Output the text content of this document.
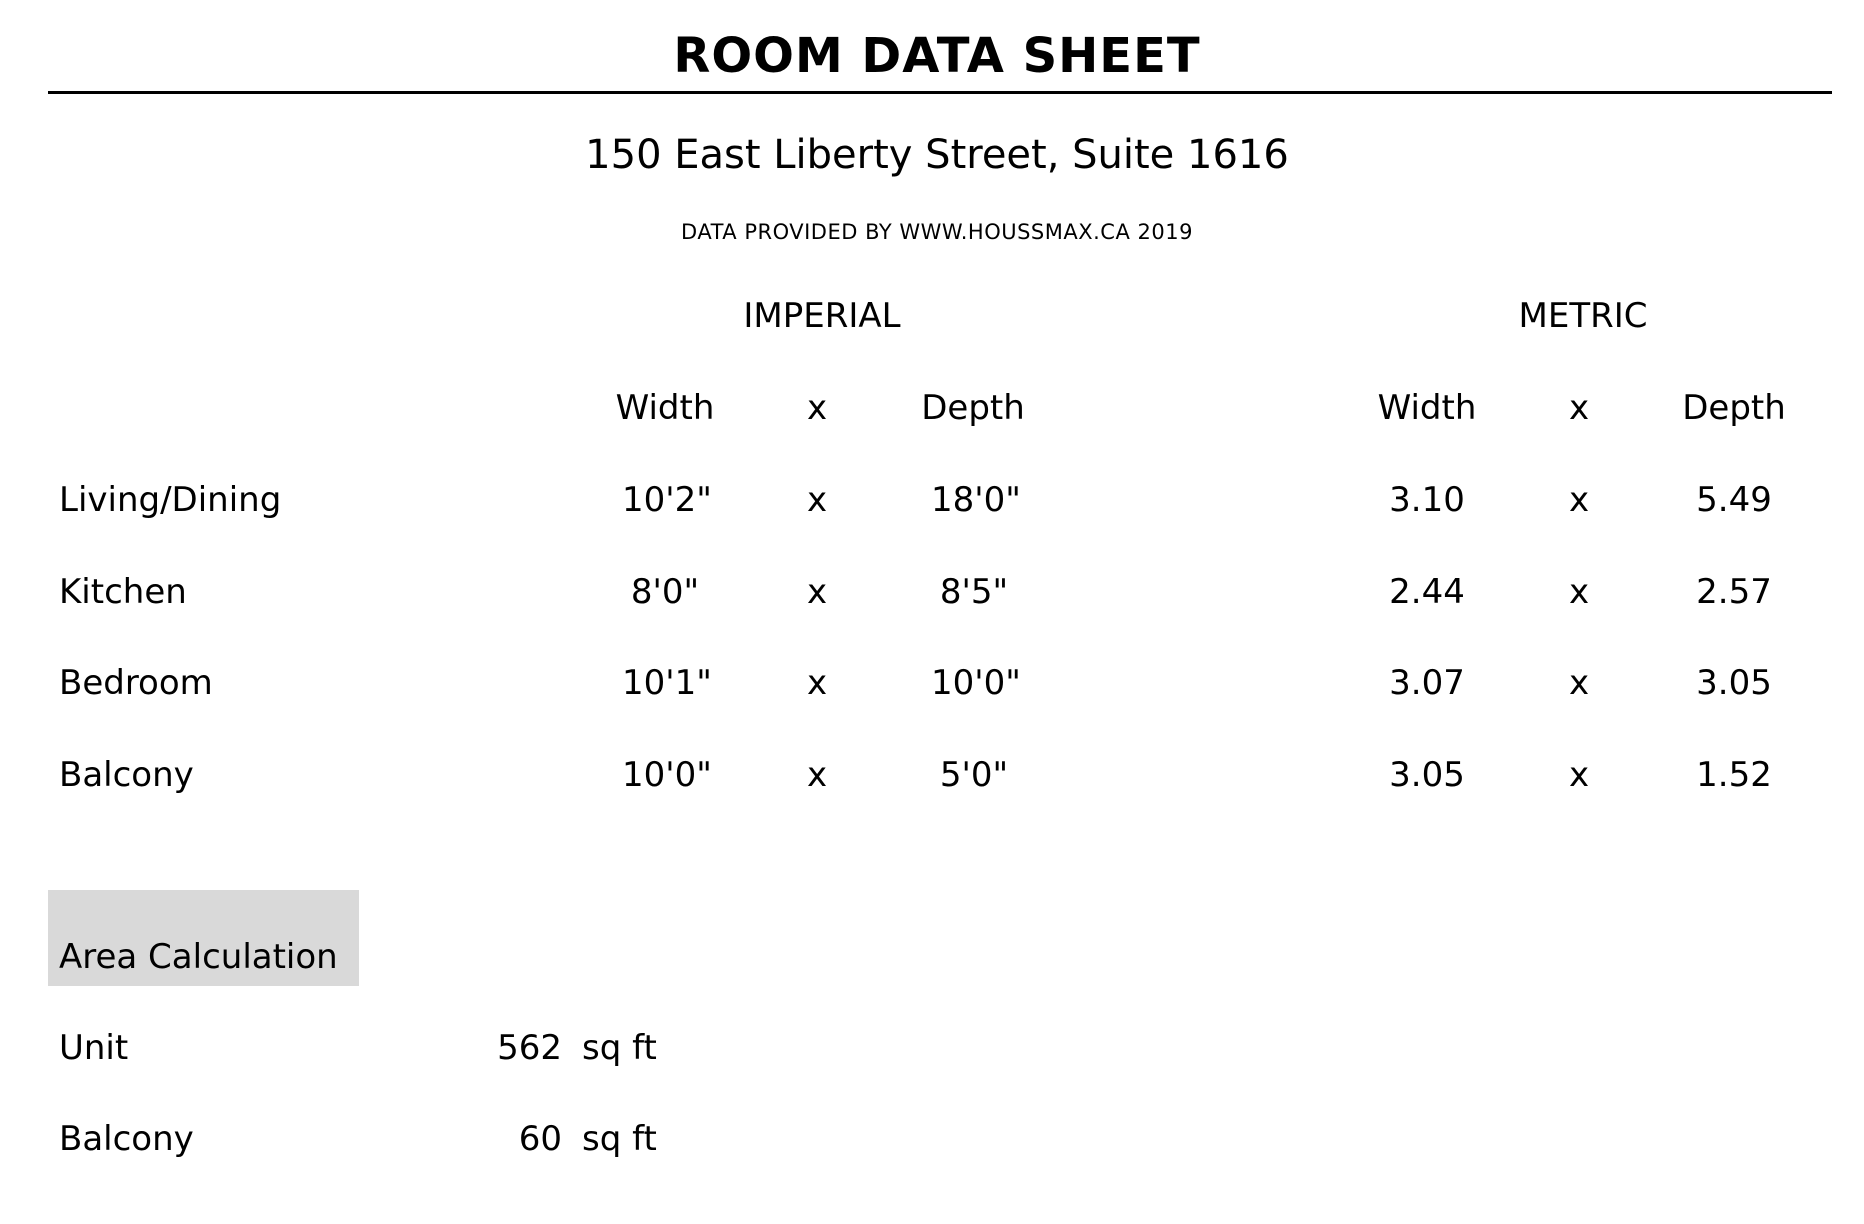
ROOM DATA SHEET
150 East Liberty Street, Suite 1616
DATA PROVIDED BY WWW.HOUSSMAX.CA 2019
IMPERIAL	METRIC
Width	x	Depth	Width	x	Depth
Living/Dining	10'2"	x	18'0"	3.10	x	5.49
Kitchen	8'0"	x	8'5"	2.44	x	2.57
Bedroom	10'1"	x	10'0"	3.07	x	3.05
Balcony	10'0"	x	5'0"	3.05	x	1.52
Area Calculation
Unit	562 sq ft
Balcony	60 sq ft
